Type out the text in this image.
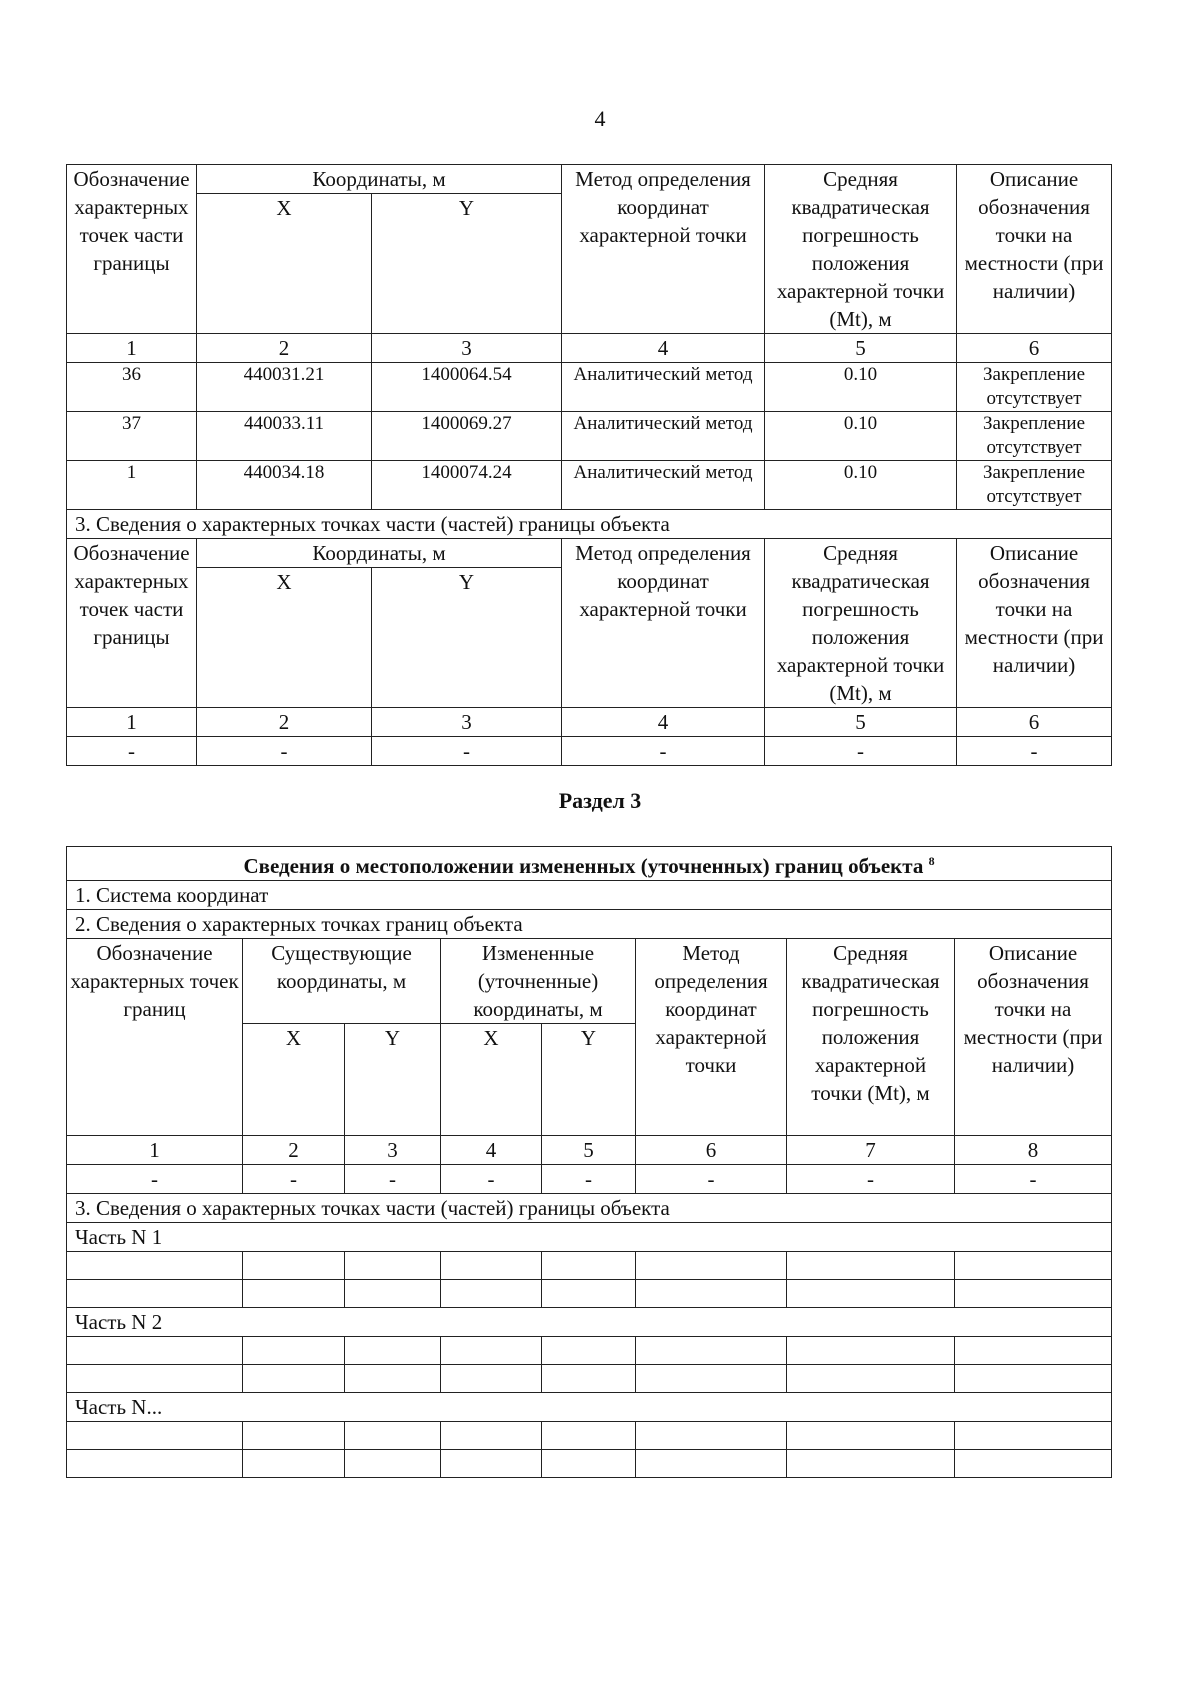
4
Обозначение характерных точек части границы	Координаты, м		Метод определения координат характерной точки	Средняя квадратическая погрешность положения характерной точки (Mt), м	Описание обозначения точки на местности (при наличии)
	X	Y			
1	2	3	4	5	6
36	440031.21	1400064.54	Аналитический метод	0.10	Закрепление отсутствует
37	440033.11	1400069.27	Аналитический метод	0.10	Закрепление отсутствует
1	440034.18	1400074.24	Аналитический метод	0.10	Закрепление отсутствует
3. Сведения о характерных точках части (частей) границы объекта					
Обозначение характерных точек части границы	Координаты, м		Метод определения координат характерной точки	Средняя квадратическая погрешность положения характерной точки (Mt), м	Описание обозначения точки на местности (при наличии)
	X	Y			
1	2	3	4	5	6
-	-	-	-	-	-
Раздел 3
Сведения о местоположении измененных (уточненных) границ объекта $^8$
1. Система координат							
2. Сведения о характерных точках границ объекта							
Обозначение характерных точек границ	Существующие координаты, м		Измененные (уточненные) координаты, м		Метод определения координат характерной точки	Средняя квадратическая погрешность положения характерной точки (Mt), м	Описание обозначения точки на местности (при наличии)
	X	Y	X	Y			
1	2	3	4	5	6	7	8
-	-	-	-	-	-	-	-
3. Сведения о характерных точках части (частей) границы объекта							
Часть N 1							

Часть N 2							

Часть N...							
